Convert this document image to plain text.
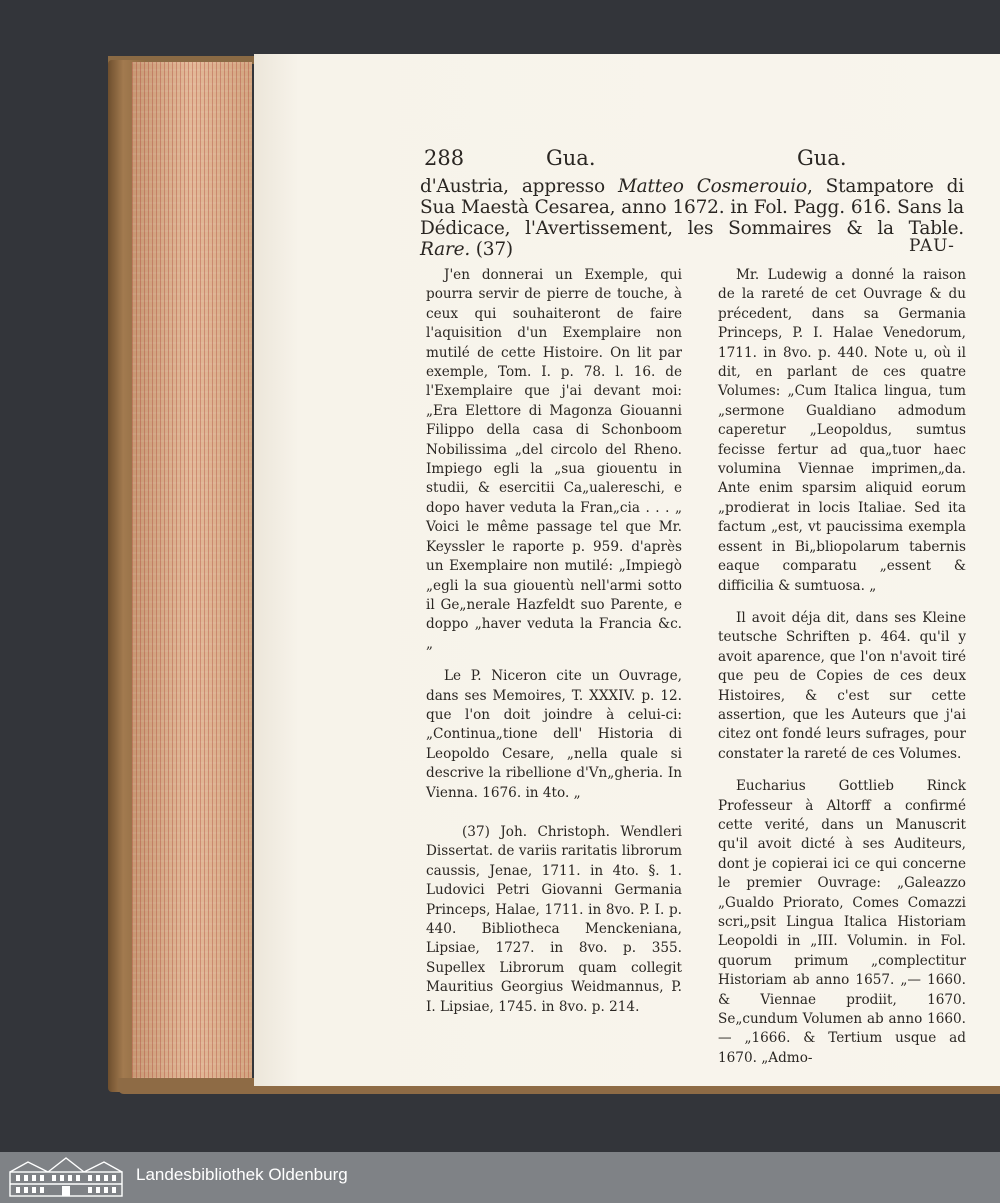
288	Gua.	Gua.
d'Austria, appresso Matteo Cosmerouio, Stampatore di Sua Maestà Cesarea, anno 1672. in Fol. Pagg. 616. Sans la Dédicace, l'Avertissement, les Sommaires & la Table. Rare. (37)	PAU-

J'en donnerai un Exemple, qui pourra servir de pierre de touche, à ceux qui souhaiteront de faire l'aquisition d'un Exemplaire non mutilé de cette Histoire. On lit par exemple, Tom. I. p. 78. l. 16. de l'Exemplaire que j'ai devant moi: „Era Elettore di Magonza Giouanni Filippo della casa di Schonboom Nobilissima „del circolo del Rheno. Impiego egli la „sua giouentu in studii, & esercitii Ca„ualereschi, e dopo haver veduta la Fran„cia . . . „ Voici le même passage tel que Mr. Keyssler le raporte p. 959. d'après un Exemplaire non mutilé: „Impiegò „egli la sua giouentù nell'armi sotto il Ge„nerale Hazfeldt suo Parente, e doppo „haver veduta la Francia &c. „

Le P. Niceron cite un Ouvrage, dans ses Memoires, T. XXXIV. p. 12. que l'on doit joindre à celui-ci: „Continua„tione dell' Historia di Leopoldo Cesare, „nella quale si descrive la ribellione d'Vn„gheria. In Vienna. 1676. in 4to. „

(37) Joh. Christoph. Wendleri Dissertat. de variis raritatis librorum caussis, Jenae, 1711. in 4to. §. 1. Ludovici Petri Giovanni Germania Princeps, Halae, 1711. in 8vo. P. I. p. 440. Bibliotheca Menckeniana, Lipsiae, 1727. in 8vo. p. 355. Supellex Librorum quam collegit Mauritius Georgius Weidmannus, P. I. Lipsiae, 1745. in 8vo. p. 214.

Mr. Ludewig a donné la raison de la rareté de cet Ouvrage & du précedent, dans sa Germania Princeps, P. I. Halae Venedorum, 1711. in 8vo. p. 440. Note u, où il dit, en parlant de ces quatre Volumes: „Cum Italica lingua, tum „sermone Gualdiano admodum caperetur „Leopoldus, sumtus fecisse fertur ad qua„tuor haec volumina Viennae imprimen„da. Ante enim sparsim aliquid eorum „prodierat in locis Italiae. Sed ita factum „est, vt paucissima exempla essent in Bi„bliopolarum tabernis eaque comparatu „essent & difficilia & sumtuosa. „

Il avoit déja dit, dans ses Kleine teutsche Schriften p. 464. qu'il y avoit aparence, que l'on n'avoit tiré que peu de Copies de ces deux Histoires, & c'est sur cette assertion, que les Auteurs que j'ai citez ont fondé leurs sufrages, pour constater la rareté de ces Volumes.

Eucharius Gottlieb Rinck Professeur à Altorff a confirmé cette verité, dans un Manuscrit qu'il avoit dicté à ses Auditeurs, dont je copierai ici ce qui concerne le premier Ouvrage: „Galeazzo „Gualdo Priorato, Comes Comazzi scri„psit Lingua Italica Historiam Leopoldi in „III. Volumin. in Fol. quorum primum „complectitur Historiam ab anno 1657. „— 1660. & Viennae prodiit, 1670. Se„cundum Volumen ab anno 1660. — „1666. & Tertium usque ad 1670. „Admo-

Landesbibliothek Oldenburg
